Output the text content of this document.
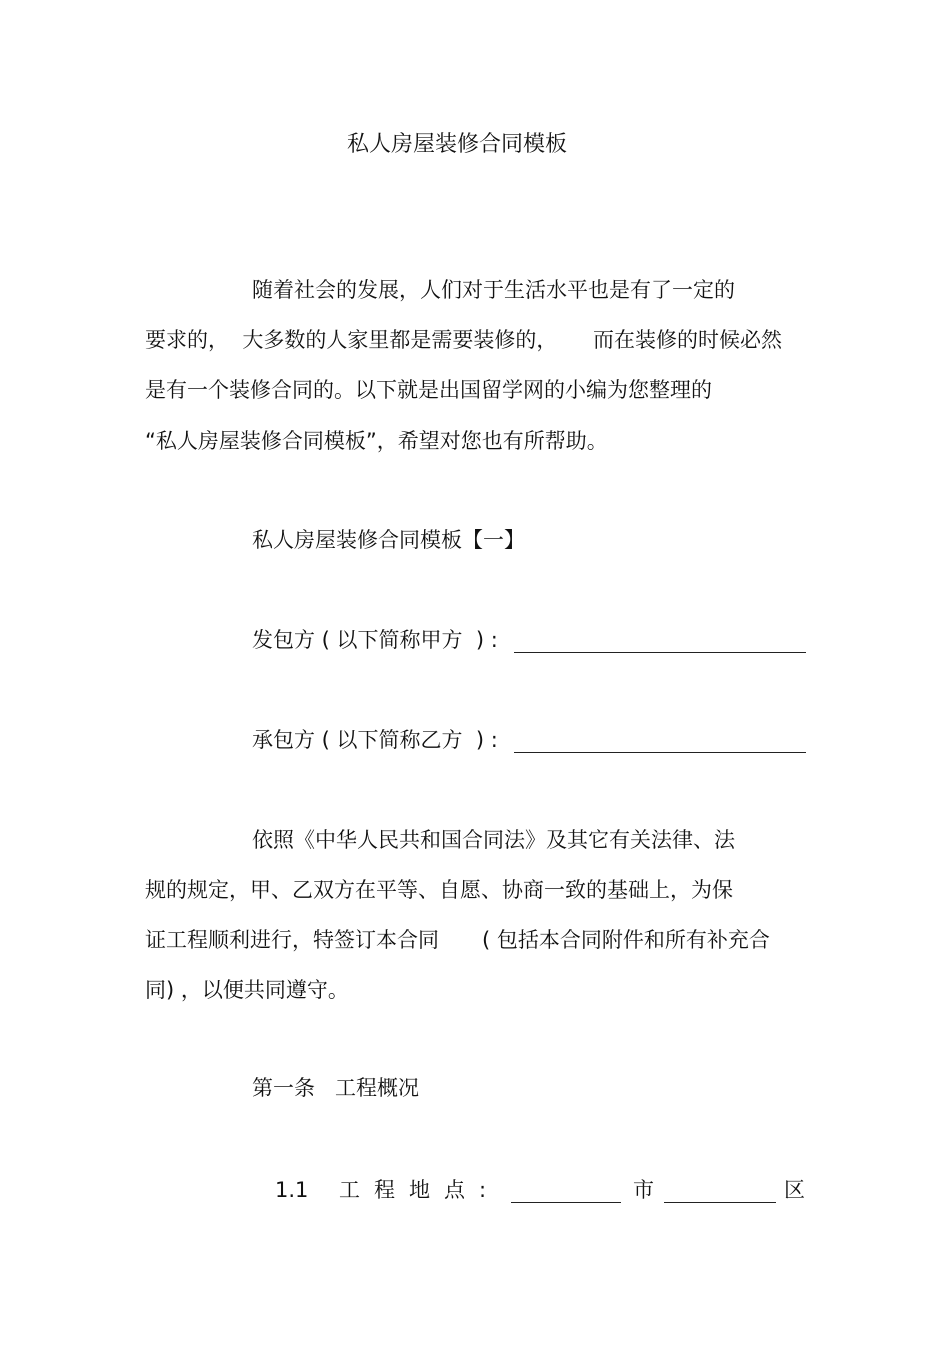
私人房屋装修合同模板
随着社会的发展，人们对于生活水平也是有了一定的
要求的，  大多数的人家里都是需要装修的， 而在装修的时候必然
是有一个装修合同的。以下就是出国留学网的小编为您整理的
“私人房屋装修合同模板”，希望对您也有所帮助。
私人房屋装修合同模板【一】
发包方 ( 以下简称甲方  ) :
承包方 ( 以下简称乙方  ) :
依照《中华人民共和国合同法》及其它有关法律、法
规的规定，甲、乙双方在平等、自愿、协商一致的基础上，为保
证工程顺利进行，特签订本合同 ( 包括本合同附件和所有补充合
同) ，以便共同遵守。
第一条   工程概况
1.1 工程地点:	市	区
